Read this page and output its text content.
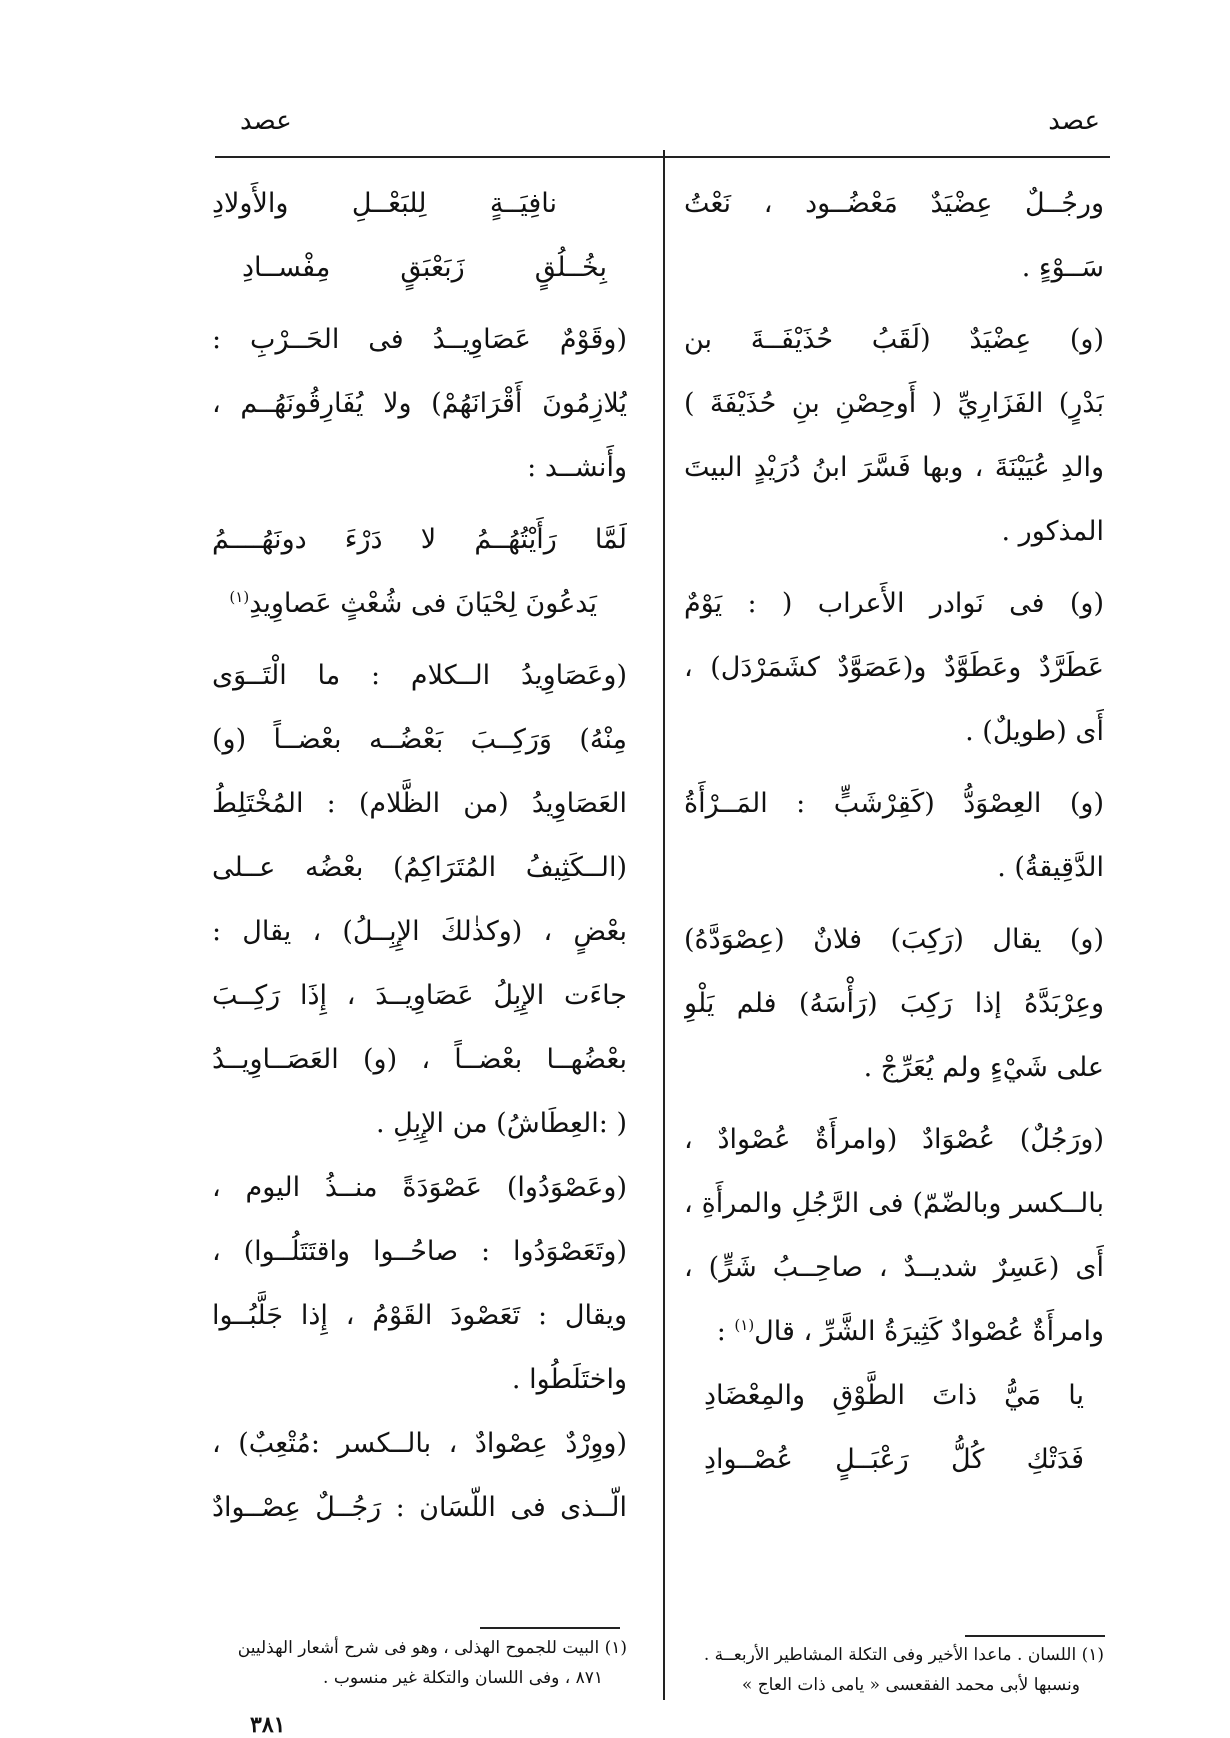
عصد
عصد
ورجُــلٌ عِضْيَدٌ مَعْضُــود ، نَعْتُ
سَــوْءٍ .
(و) عِضْيَدٌ (لَقَبُ حُذَيْفَــةَ بن
بَدْرٍ) الفَزَارِيِّ ( أَوحِصْنِ بنِ حُذَيْفَةَ )
والدِ عُيَيْنَةَ ، وبها فَسَّرَ ابنُ دُرَيْدٍ البيتَ
المذكور .
(و) فى نَوادر الأَعراب ( : يَوْمٌ
عَطَرَّدٌ وعَطَوَّدٌ و(عَصَوَّدٌ كشَمَرْدَل) ،
أَى (طويلٌ) .
(و) العِصْوَدُّ (كَقِرْشَبٍّ : المَــرْأَةُ
الدَّقِيقةُ) .
(و) يقال (رَكِبَ) فلانٌ (عِصْوَدَّهُ)
وعِرْبَدَّهُ إذا رَكِبَ (رَأْسَهُ) فلم يَلْوِ
على شَيْءٍ ولم يُعَرِّجْ .
(ورَجُلٌ) عُصْوَادٌ (وامرأَةٌ عُصْوادٌ ،
بالــكسر وبالضّمّ) فى الرَّجُلِ والمرأَةِ ،
أَى (عَسِرٌ شديــدٌ ، صاحِــبُ شَرٍّ) ،
وامرأَةٌ عُصْوادٌ كَثِيرَةُ الشَّرِّ ، قال$^{(١)}$ :
يا مَيُّ ذاتَ الطَّوْقِ والمِعْضَادِ
فَدَتْكِ كُلُّ رَعْبَــلٍ عُصْــوادِ
نافِيَــةٍ لِلبَعْــلِ والأَولادِ
بِخُــلُقٍ زَبَعْبَقٍ مِفْســادِ
(وقَوْمٌ عَصَاوِيــدُ فى الحَــرْبِ :
يُلازِمُونَ أَقْرَانَهُمْ) ولا يُفَارِقُونَهُــم ،
وأَنشــد :
لَمَّا رَأَيْتُهُــمُ لا دَرْءَ دونَهُــــمُ
يَدعُونَ لِحْيَانَ فى شُعْثٍ عَصاوِيدِ$^{(١)}$
(وعَصَاوِيدُ الــكلام : ما الْتَــوَى
مِنْهُ) وَرَكِــبَ بَعْضُــه بعْضــاً (و)
العَصَاوِيدُ (من الظَّلام) : المُخْتَلِطُ
(الــكَثِيفُ المُتَرَاكِمُ) بعْضُه عــلى
بعْضٍ ، (وكذٰلكَ الإِبِــلُ) ، يقال :
جاءَت الإِبِلُ عَصَاوِيــدَ ، إِذَا رَكِــبَ
بعْضُهــا بعْضــاً ، (و) العَصَــاوِيــدُ
( :العِطَاشُ) من الإِبِلِ .
(وعَصْوَدُوا) عَصْوَدَةً منــذُ اليوم ،
(وتَعَصْوَدُوا : صاحُــوا واقتَتَلُــوا) ،
ويقال : تَعَصْودَ القَوْمُ ، إِذا جَلَّبُــوا
واختَلَطُوا .
(ووِرْدٌ عِصْوادٌ ، بالــكسر :مُتْعِبٌ) ،
الّــذى فى اللّسَان : رَجُــلٌ عِصْــوادٌ
(١) اللسان . ماعدا الأخير وفى التكلة المشاطير الأربعــة .
ونسبها لأبى محمد الفقعسى « يامى ذات العاج »
(١) البيت للجموح الهذلى ، وهو فى شرح أشعار الهذليين
٨٧١ ، وفى اللسان والتكلة غير منسوب .
٣٨١
